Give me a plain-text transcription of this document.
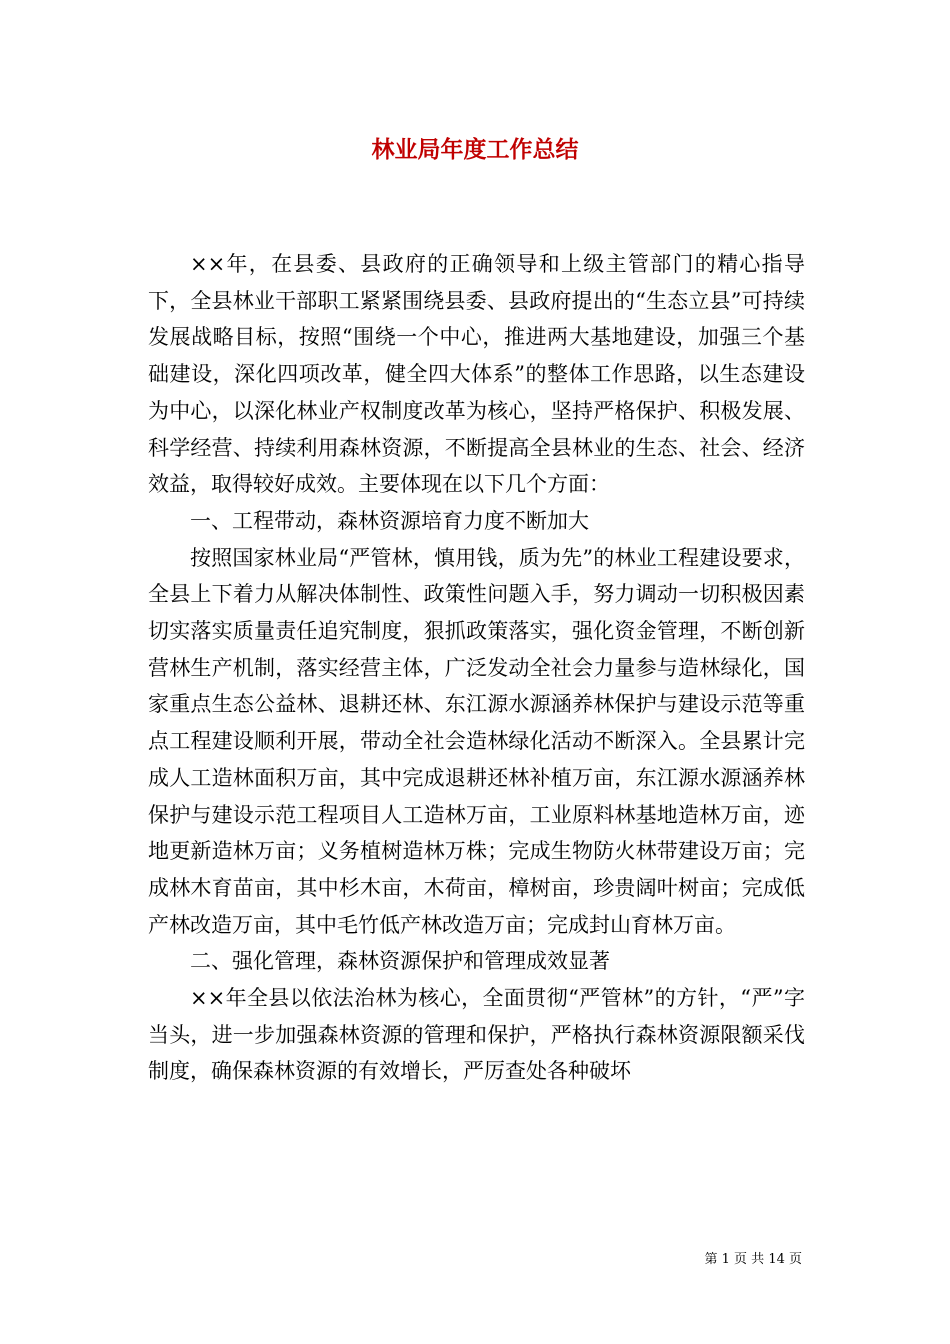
林业局年度工作总结

××年，在县委、县政府的正确领导和上级主管部门的精心指导下，全县林业干部职工紧紧围绕县委、县政府提出的“生态立县”可持续发展战略目标，按照“围绕一个中心，推进两大基地建设，加强三个基础建设，深化四项改革，健全四大体系”的整体工作思路，以生态建设为中心，以深化林业产权制度改革为核心，坚持严格保护、积极发展、科学经营、持续利用森林资源，不断提高全县林业的生态、社会、经济效益，取得较好成效。主要体现在以下几个方面：

一、工程带动，森林资源培育力度不断加大

按照国家林业局“严管林，慎用钱，质为先”的林业工程建设要求，全县上下着力从解决体制性、政策性问题入手，努力调动一切积极因素切实落实质量责任追究制度，狠抓政策落实，强化资金管理，不断创新营林生产机制，落实经营主体，广泛发动全社会力量参与造林绿化，国家重点生态公益林、退耕还林、东江源水源涵养林保护与建设示范等重点工程建设顺利开展，带动全社会造林绿化活动不断深入。全县累计完成人工造林面积万亩，其中完成退耕还林补植万亩，东江源水源涵养林保护与建设示范工程项目人工造林万亩，工业原料林基地造林万亩，迹地更新造林万亩；义务植树造林万株；完成生物防火林带建设万亩；完成林木育苗亩，其中杉木亩，木荷亩，樟树亩，珍贵阔叶树亩；完成低产林改造万亩，其中毛竹低产林改造万亩；完成封山育林万亩。

二、强化管理，森林资源保护和管理成效显著

××年全县以依法治林为核心，全面贯彻“严管林”的方针，“严”字当头，进一步加强森林资源的管理和保护，严格执行森林资源限额采伐制度，确保森林资源的有效增长，严厉查处各种破坏

第 1 页 共 14 页
